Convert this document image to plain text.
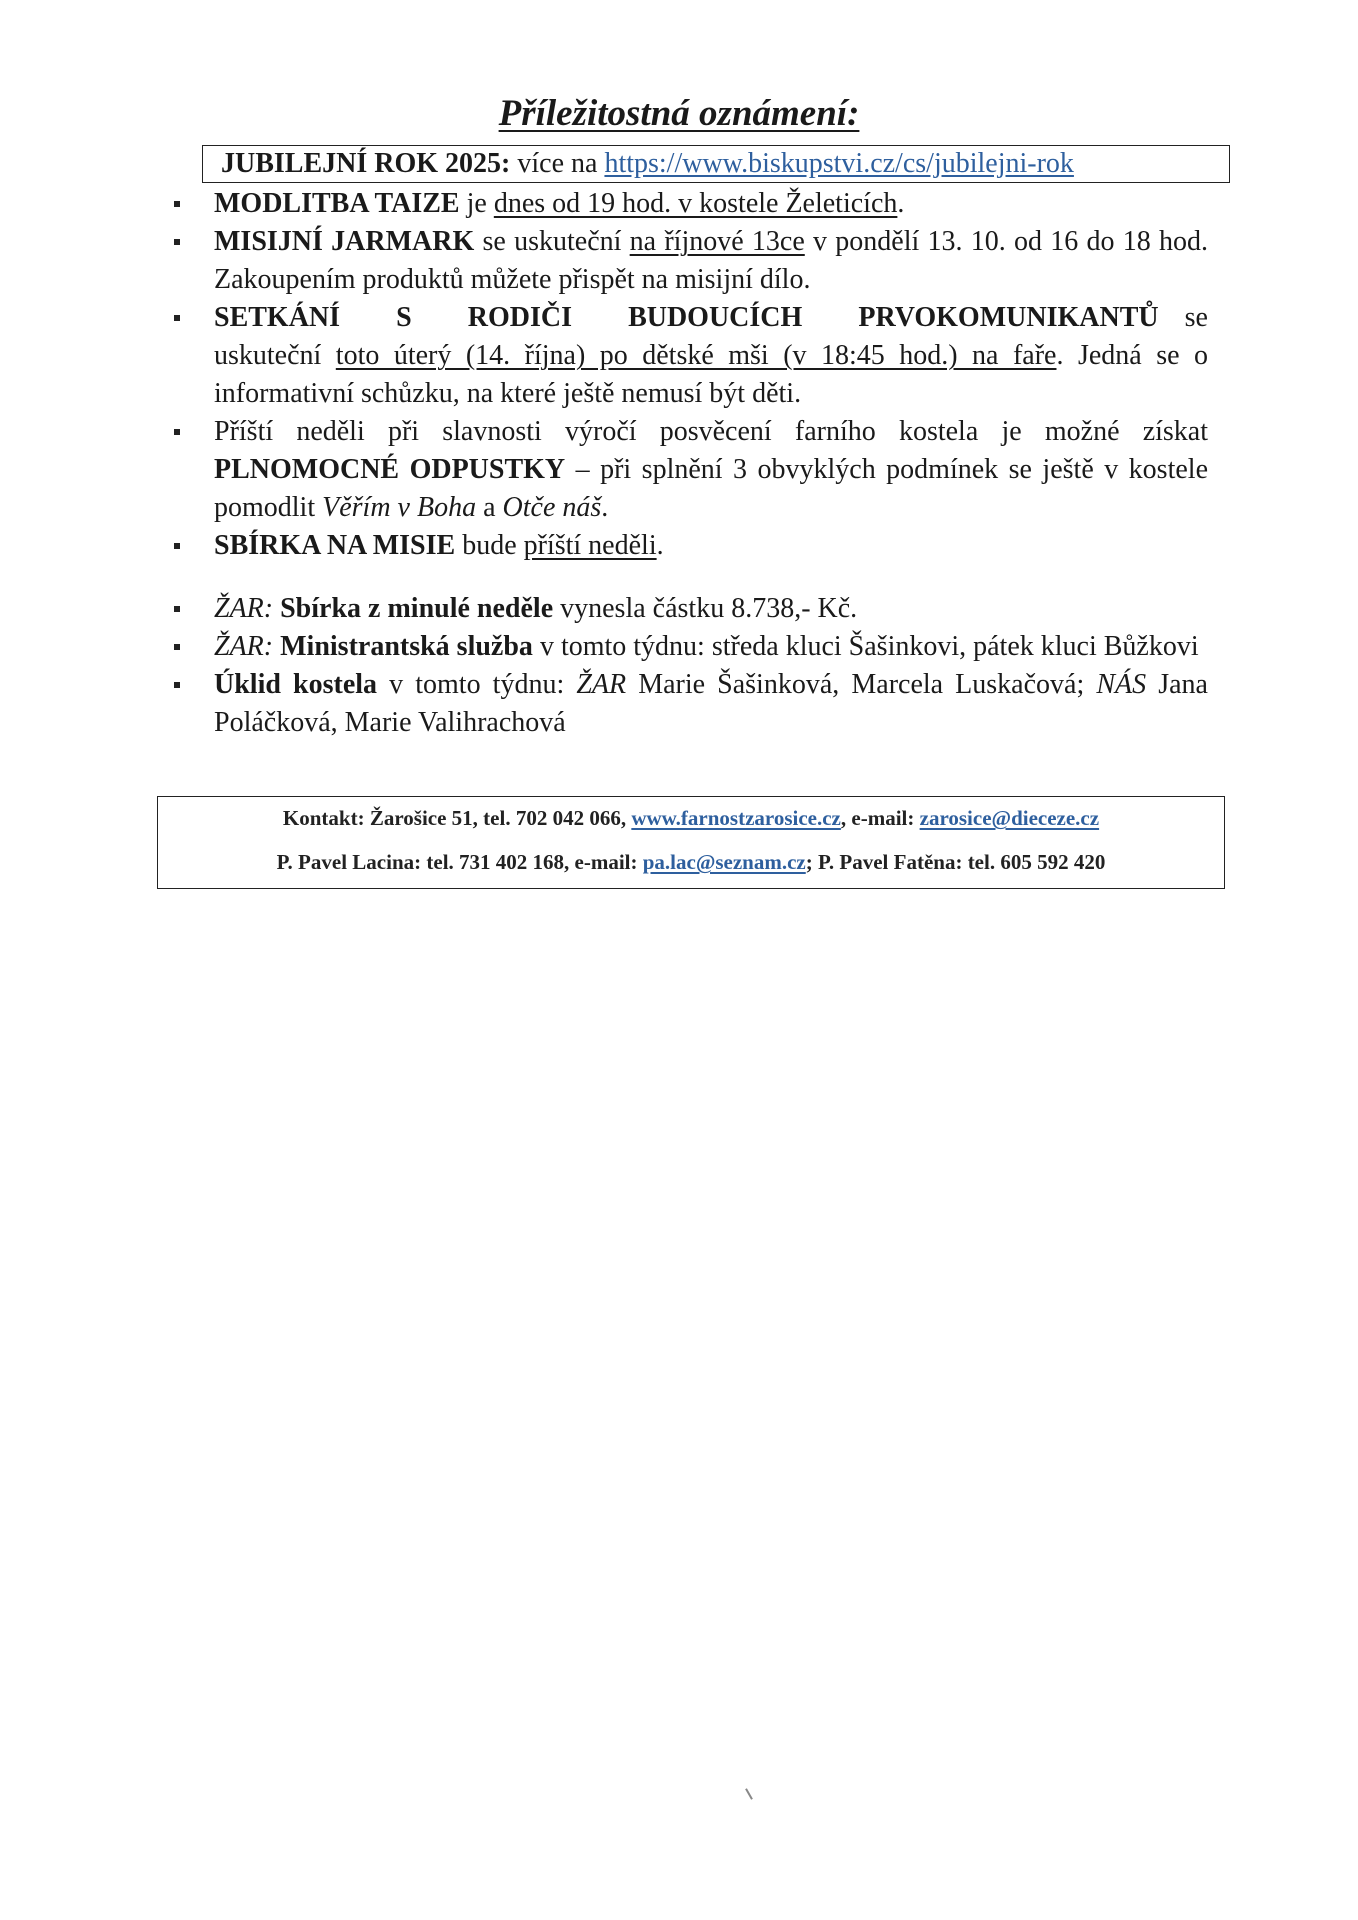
Příležitostná oznámení:
JUBILEJNÍ ROK 2025: více na https://www.biskupstvi.cz/cs/jubilejni-rok
MODLITBA TAIZE je dnes od 19 hod. v kostele Želeticích.
MISIJNÍ JARMARK se uskuteční na říjnové 13ce v pondělí 13. 10. od 16 do 18 hod. Zakoupením produktů můžete přispět na misijní dílo.
SETKÁNÍ S RODIČI BUDOUCÍCH PRVOKOMUNIKANTŮ se uskuteční toto úterý (14. října) po dětské mši (v 18:45 hod.) na faře. Jedná se o informativní schůzku, na které ještě nemusí být děti.
Příští neděli při slavnosti výročí posvěcení farního kostela je možné získat PLNOMOCNÉ ODPUSTKY – při splnění 3 obvyklých podmínek se ještě v kostele pomodlit Věřím v Boha a Otče náš.
SBÍRKA NA MISIE bude příští neděli.
ŽAR: Sbírka z minulé neděle vynesla částku 8.738,- Kč.
ŽAR: Ministrantská služba v tomto týdnu: středa kluci Šašinkovi, pátek kluci Bůžkovi
Úklid kostela v tomto týdnu: ŽAR Marie Šašinková, Marcela Luskačová; NÁS Jana Poláčková, Marie Valihrachová
Kontakt: Žarošice 51, tel. 702 042 066, www.farnostzarosice.cz, e-mail: zarosice@dieceze.cz
P. Pavel Lacina: tel. 731 402 168, e-mail: pa.lac@seznam.cz; P. Pavel Fatěna: tel. 605 592 420
